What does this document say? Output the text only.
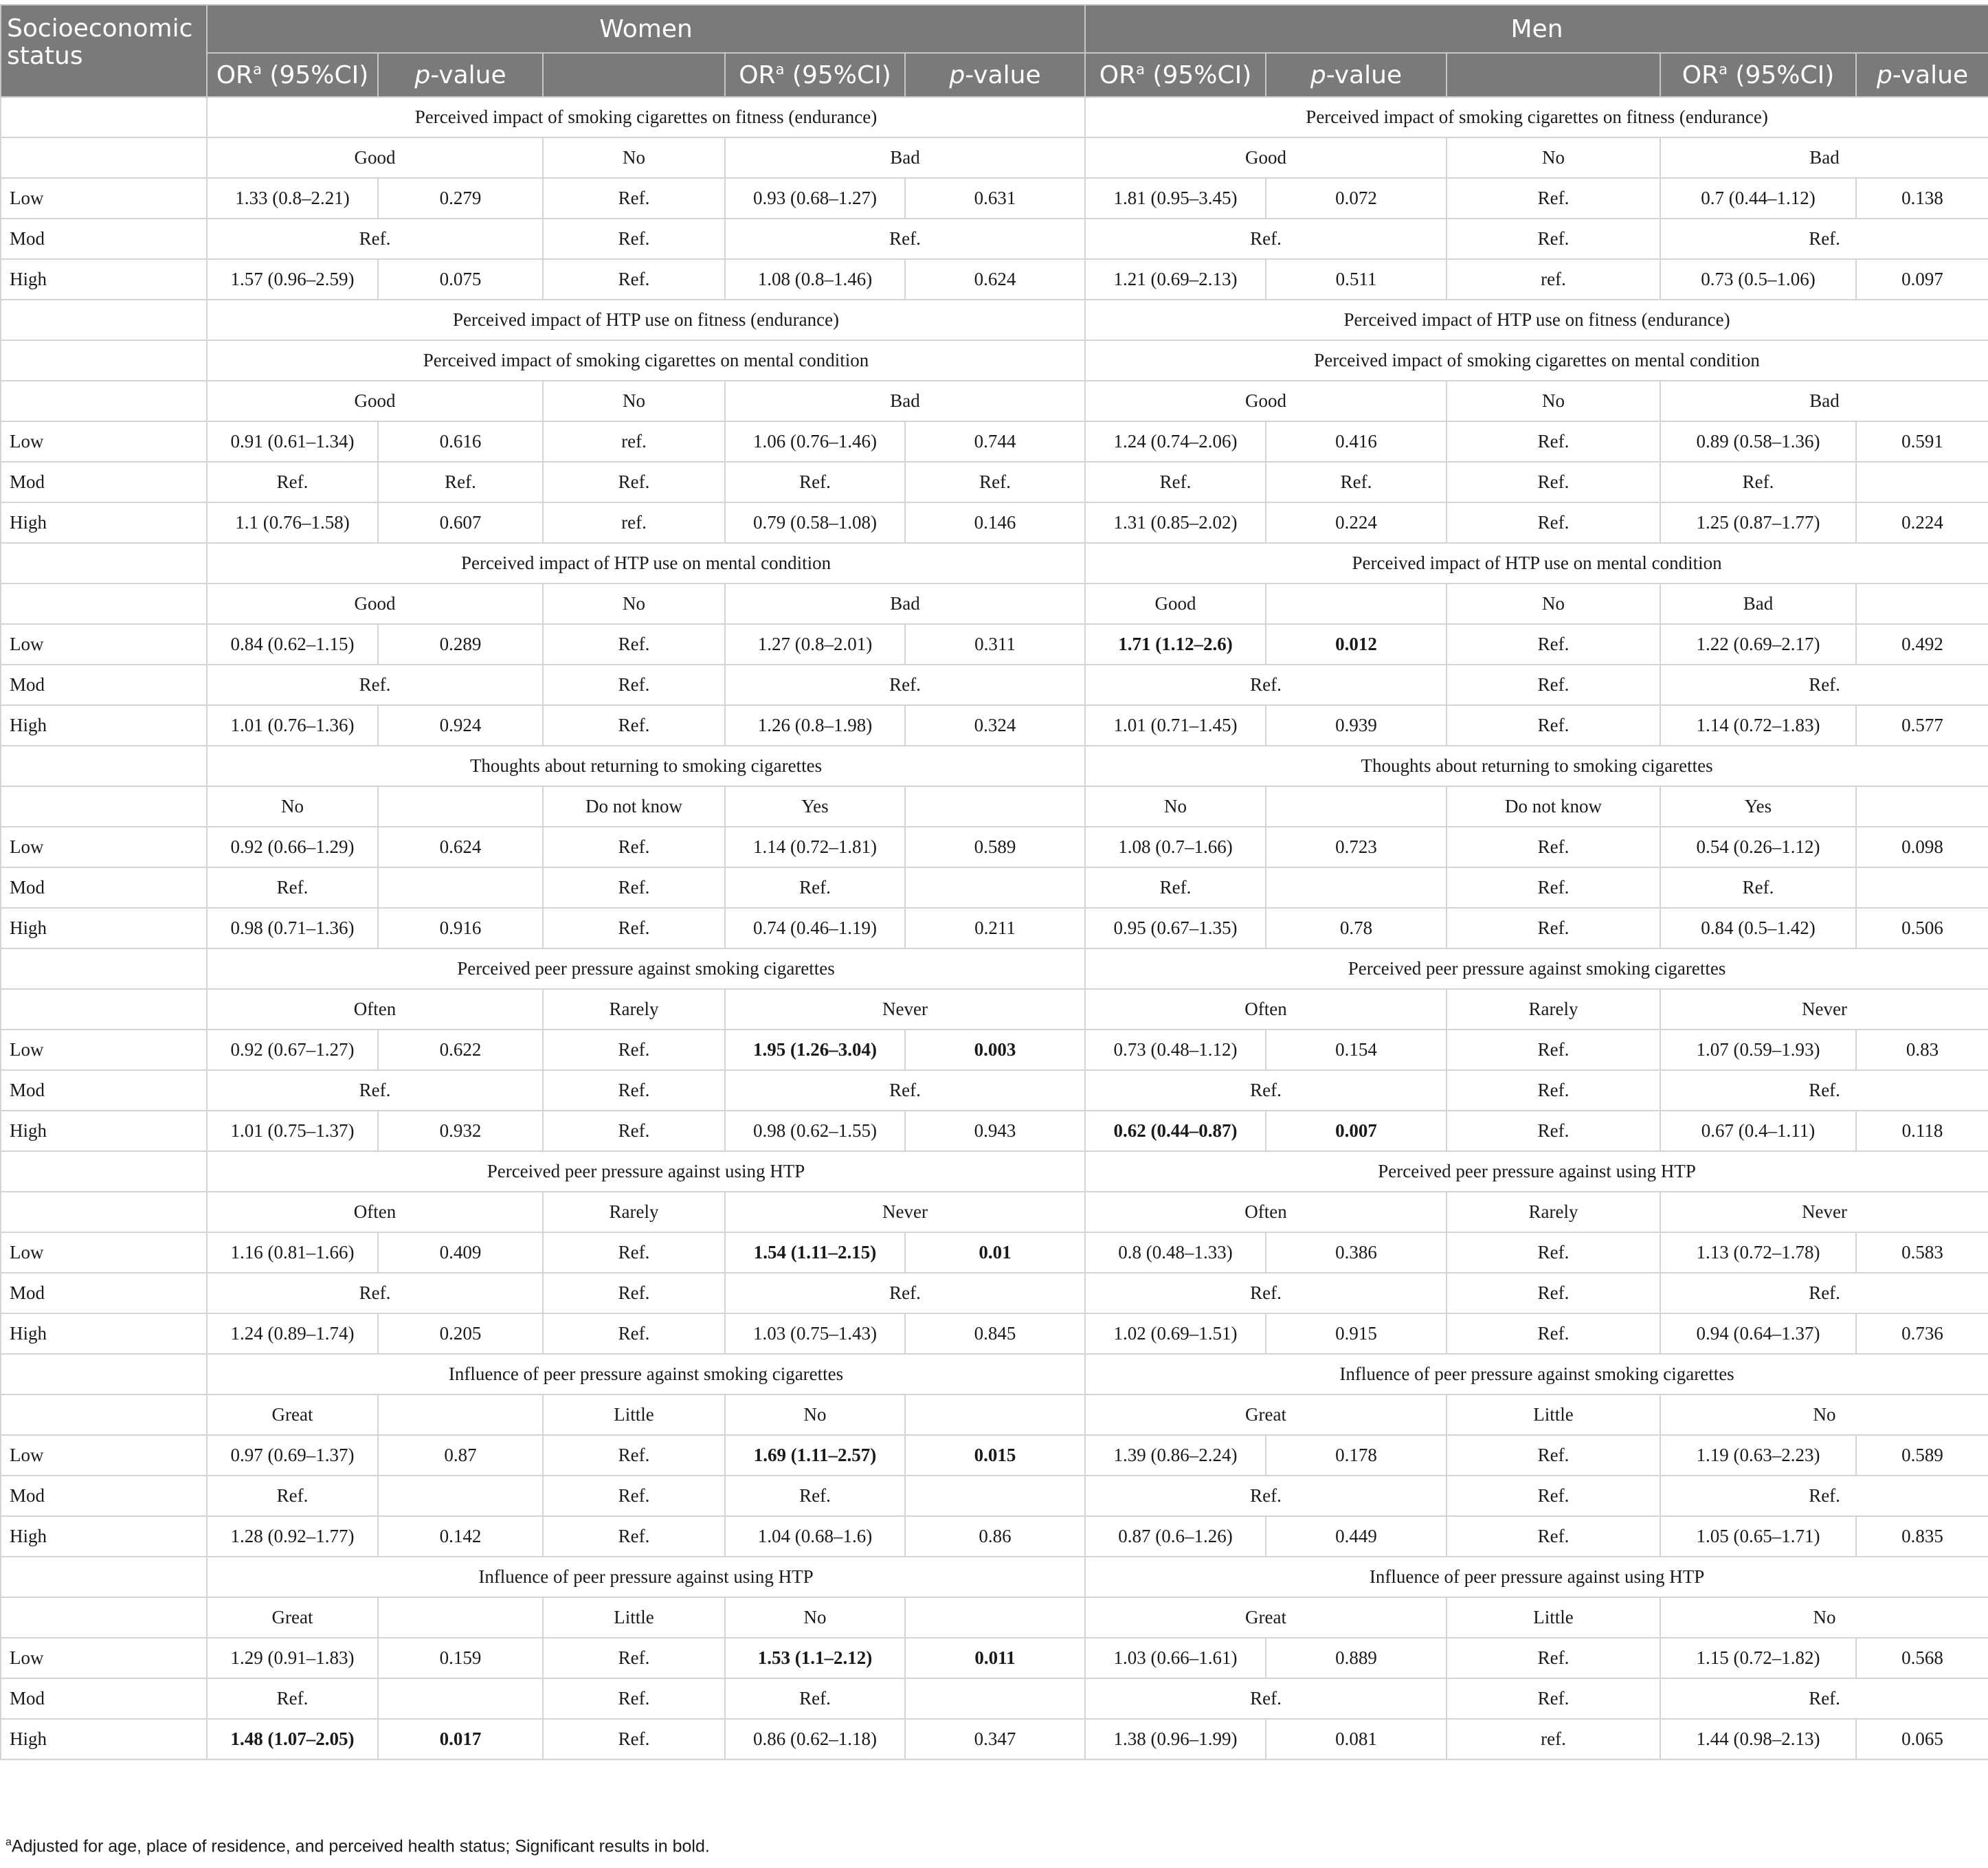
Socioeconomic status	Women					Men				
	$OR^a$ (95%CI)	p-value		$OR^a$ (95%CI)	p-value	$OR^a$ (95%CI)	p-value		$OR^a$ (95%CI)	p-value
	Perceived impact of smoking cigarettes on fitness (endurance)					Perceived impact of smoking cigarettes on fitness (endurance)				
	Good		No	Bad		Good		No	Bad	
Low	1.33 (0.8–2.21)	0.279	Ref.	0.93 (0.68–1.27)	0.631	1.81 (0.95–3.45)	0.072	Ref.	0.7 (0.44–1.12)	0.138
Mod	Ref.		Ref.	Ref.		Ref.		Ref.	Ref.	
High	1.57 (0.96–2.59)	0.075	Ref.	1.08 (0.8–1.46)	0.624	1.21 (0.69–2.13)	0.511	ref.	0.73 (0.5–1.06)	0.097
	Perceived impact of HTP use on fitness (endurance)					Perceived impact of HTP use on fitness (endurance)				
	Perceived impact of smoking cigarettes on mental condition					Perceived impact of smoking cigarettes on mental condition				
	Good		No	Bad		Good		No	Bad	
Low	0.91 (0.61–1.34)	0.616	ref.	1.06 (0.76–1.46)	0.744	1.24 (0.74–2.06)	0.416	Ref.	0.89 (0.58–1.36)	0.591
Mod	Ref.	Ref.	Ref.	Ref.	Ref.	Ref.	Ref.	Ref.	Ref.	
High	1.1 (0.76–1.58)	0.607	ref.	0.79 (0.58–1.08)	0.146	1.31 (0.85–2.02)	0.224	Ref.	1.25 (0.87–1.77)	0.224
	Perceived impact of HTP use on mental condition					Perceived impact of HTP use on mental condition				
	Good		No	Bad		Good		No	Bad	
Low	0.84 (0.62–1.15)	0.289	Ref.	1.27 (0.8–2.01)	0.311	1.71 (1.12–2.6)	0.012	Ref.	1.22 (0.69–2.17)	0.492
Mod	Ref.		Ref.	Ref.		Ref.		Ref.	Ref.	
High	1.01 (0.76–1.36)	0.924	Ref.	1.26 (0.8–1.98)	0.324	1.01 (0.71–1.45)	0.939	Ref.	1.14 (0.72–1.83)	0.577
	Thoughts about returning to smoking cigarettes					Thoughts about returning to smoking cigarettes				
	No		Do not know	Yes		No		Do not know	Yes	
Low	0.92 (0.66–1.29)	0.624	Ref.	1.14 (0.72–1.81)	0.589	1.08 (0.7–1.66)	0.723	Ref.	0.54 (0.26–1.12)	0.098
Mod	Ref.		Ref.	Ref.		Ref.		Ref.	Ref.	
High	0.98 (0.71–1.36)	0.916	Ref.	0.74 (0.46–1.19)	0.211	0.95 (0.67–1.35)	0.78	Ref.	0.84 (0.5–1.42)	0.506
	Perceived peer pressure against smoking cigarettes					Perceived peer pressure against smoking cigarettes				
	Often		Rarely	Never		Often		Rarely	Never	
Low	0.92 (0.67–1.27)	0.622	Ref.	1.95 (1.26–3.04)	0.003	0.73 (0.48–1.12)	0.154	Ref.	1.07 (0.59–1.93)	0.83
Mod	Ref.		Ref.	Ref.		Ref.		Ref.	Ref.	
High	1.01 (0.75–1.37)	0.932	Ref.	0.98 (0.62–1.55)	0.943	0.62 (0.44–0.87)	0.007	Ref.	0.67 (0.4–1.11)	0.118
	Perceived peer pressure against using HTP					Perceived peer pressure against using HTP				
	Often		Rarely	Never		Often		Rarely	Never	
Low	1.16 (0.81–1.66)	0.409	Ref.	1.54 (1.11–2.15)	0.01	0.8 (0.48–1.33)	0.386	Ref.	1.13 (0.72–1.78)	0.583
Mod	Ref.		Ref.	Ref.		Ref.		Ref.	Ref.	
High	1.24 (0.89–1.74)	0.205	Ref.	1.03 (0.75–1.43)	0.845	1.02 (0.69–1.51)	0.915	Ref.	0.94 (0.64–1.37)	0.736
	Influence of peer pressure against smoking cigarettes					Influence of peer pressure against smoking cigarettes				
	Great		Little	No		Great		Little	No	
Low	0.97 (0.69–1.37)	0.87	Ref.	1.69 (1.11–2.57)	0.015	1.39 (0.86–2.24)	0.178	Ref.	1.19 (0.63–2.23)	0.589
Mod	Ref.		Ref.	Ref.		Ref.		Ref.	Ref.	
High	1.28 (0.92–1.77)	0.142	Ref.	1.04 (0.68–1.6)	0.86	0.87 (0.6–1.26)	0.449	Ref.	1.05 (0.65–1.71)	0.835
	Influence of peer pressure against using HTP					Influence of peer pressure against using HTP				
	Great		Little	No		Great		Little	No	
Low	1.29 (0.91–1.83)	0.159	Ref.	1.53 (1.1–2.12)	0.011	1.03 (0.66–1.61)	0.889	Ref.	1.15 (0.72–1.82)	0.568
Mod	Ref.		Ref.	Ref.		Ref.		Ref.	Ref.	
High	1.48 (1.07–2.05)	0.017	Ref.	0.86 (0.62–1.18)	0.347	1.38 (0.96–1.99)	0.081	ref.	1.44 (0.98–2.13)	0.065
$^a$Adjusted for age, place of residence, and perceived health status; Significant results in bold.
